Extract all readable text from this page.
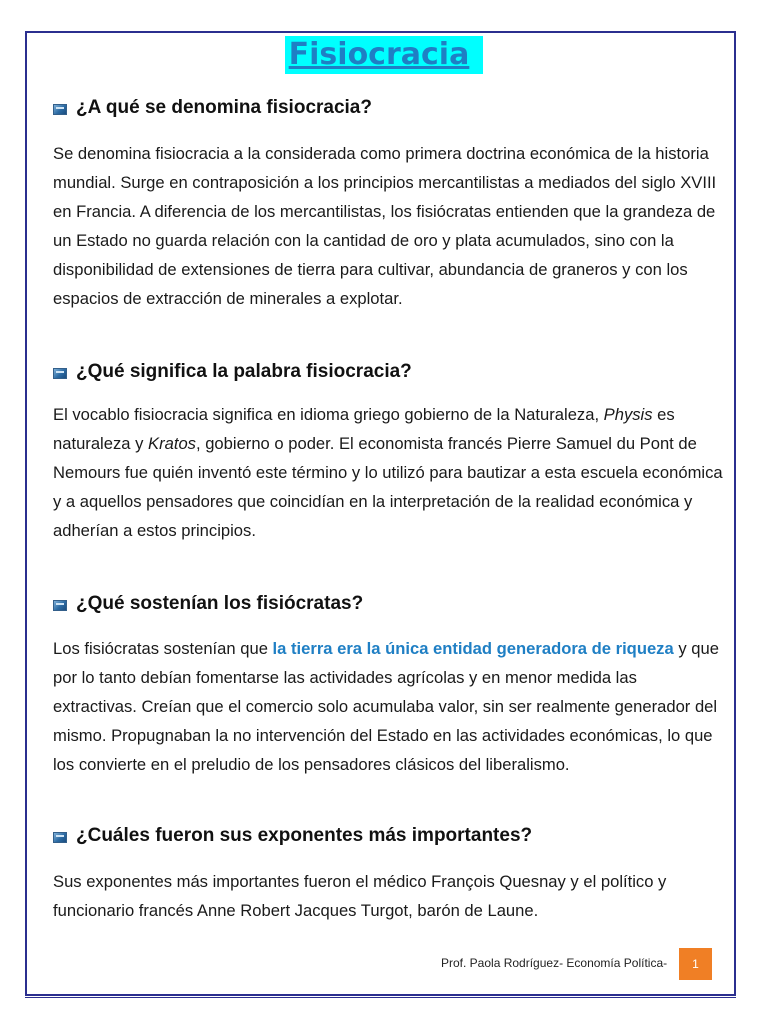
Fisiocracia
¿A qué se denomina fisiocracia?

Se denomina fisiocracia a la considerada como primera doctrina económica de la historia mundial. Surge en contraposición a los principios mercantilistas a mediados del siglo XVIII en Francia. A diferencia de los mercantilistas, los fisiócratas entienden que la grandeza de un Estado no guarda relación con la cantidad de oro y plata acumulados, sino con la disponibilidad de extensiones de tierra para cultivar, abundancia de graneros y con los espacios de extracción de minerales a explotar.

¿Qué significa la palabra fisiocracia?

El vocablo fisiocracia significa en idioma griego gobierno de la Naturaleza, Physis es naturaleza y Kratos, gobierno o poder. El economista francés Pierre Samuel du Pont de Nemours fue quién inventó este término y lo utilizó para bautizar a esta escuela económica y a aquellos pensadores que coincidían en la interpretación de la realidad económica y adherían a estos principios.

¿Qué sostenían los fisiócratas?

Los fisiócratas sostenían que la tierra era la única entidad generadora de riqueza y que por lo tanto debían fomentarse las actividades agrícolas y en menor medida las extractivas. Creían que el comercio solo acumulaba valor, sin ser realmente generador del mismo. Propugnaban la no intervención del Estado en las actividades económicas, lo que los convierte en el preludio de los pensadores clásicos del liberalismo.

¿Cuáles fueron sus exponentes más importantes?

Sus exponentes más importantes fueron el médico François Quesnay y el político y funcionario francés Anne Robert Jacques Turgot, barón de Laune.

Prof. Paola Rodríguez- Economía Política-	1
